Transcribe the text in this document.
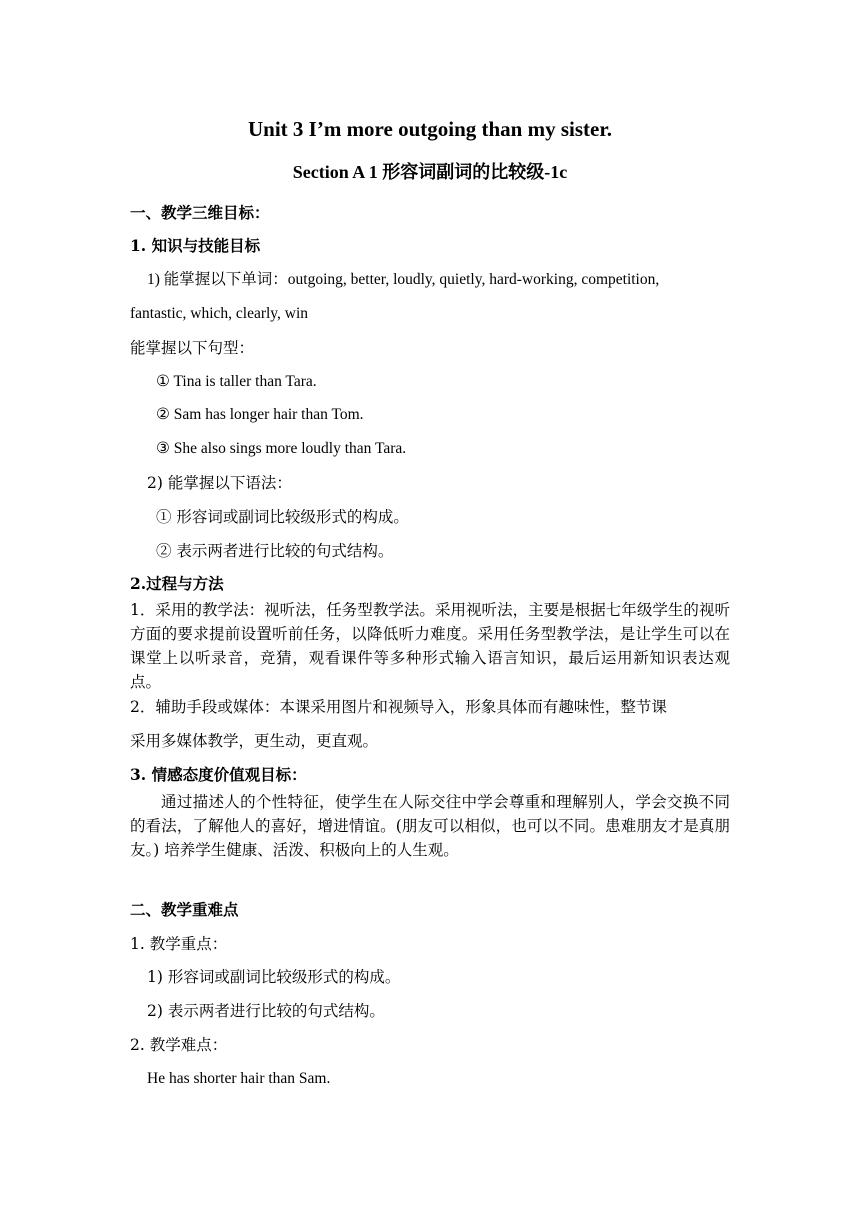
Unit 3 I’m more outgoing than my sister.
Section A 1 形容词副词的比较级-1c
一、教学三维目标：
1. 知识与技能目标
1) 能掌握以下单词：outgoing, better, loudly, quietly, hard-working, competition,
fantastic, which, clearly, win
能掌握以下句型：
① Tina is taller than Tara.
② Sam has longer hair than Tom.
③ She also sings more loudly than Tara.
2) 能掌握以下语法：
① 形容词或副词比较级形式的构成。
② 表示两者进行比较的句式结构。
2.过程与方法
1．采用的教学法：视听法，任务型教学法。采用视听法，主要是根据七年级学生的视听方面的要求提前设置听前任务，以降低听力难度。采用任务型教学法，是让学生可以在课堂上以听录音，竞猜，观看课件等多种形式输入语言知识，最后运用新知识表达观点。
2．辅助手段或媒体：本课采用图片和视频导入，形象具体而有趣味性，整节课
采用多媒体教学，更生动，更直观。
3. 情感态度价值观目标：
通过描述人的个性特征，使学生在人际交往中学会尊重和理解别人，学会交换不同的看法，了解他人的喜好，增进情谊。(朋友可以相似，也可以不同。患难朋友才是真朋友。) 培养学生健康、活泼、积极向上的人生观。
二、教学重难点
1. 教学重点：
1) 形容词或副词比较级形式的构成。
2) 表示两者进行比较的句式结构。
2. 教学难点：
He has shorter hair than Sam.
